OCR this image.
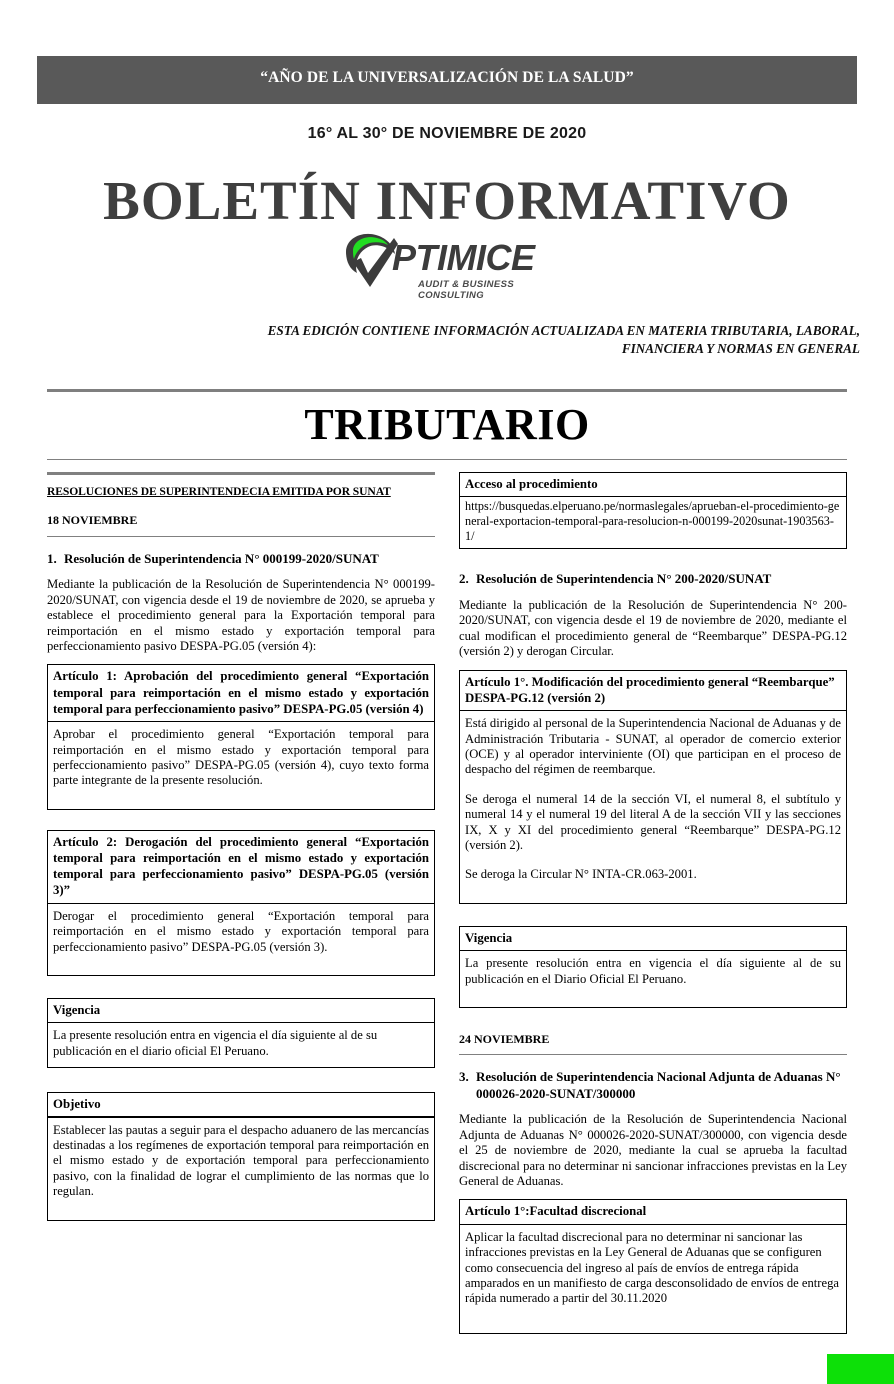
“AÑO DE LA UNIVERSALIZACIÓN DE LA SALUD”
16° AL 30° DE NOVIEMBRE DE 2020
BOLETÍN INFORMATIVO
PTIMICE
AUDIT & BUSINESS CONSULTING
ESTA EDICIÓN CONTIENE INFORMACIÓN ACTUALIZADA EN MATERIA TRIBUTARIA, LABORAL,
FINANCIERA Y NORMAS EN GENERAL
TRIBUTARIO
RESOLUCIONES DE SUPERINTENDECIA EMITIDA POR SUNAT
18 NOVIEMBRE
1. Resolución de Superintendencia N° 000199-2020/SUNAT

Mediante la publicación de la Resolución de Superintendencia N° 000199-2020/SUNAT, con vigencia desde el 19 de noviembre de 2020, se aprueba y establece el procedimiento general para la Exportación temporal para reimportación en el mismo estado y exportación temporal para perfeccionamiento pasivo DESPA-PG.05 (versión 4):

Artículo 1: Aprobación del procedimiento general “Exportación temporal para reimportación en el mismo estado y exportación temporal para perfeccionamiento pasivo” DESPA-PG.05 (versión 4)

Aprobar el procedimiento general “Exportación temporal para reimportación en el mismo estado y exportación temporal para perfeccionamiento pasivo” DESPA-PG.05 (versión 4), cuyo texto forma parte integrante de la presente resolución.

Artículo 2: Derogación del procedimiento general “Exportación temporal para reimportación en el mismo estado y exportación temporal para perfeccionamiento pasivo” DESPA-PG.05 (versión 3)”

Derogar el procedimiento general “Exportación temporal para reimportación en el mismo estado y exportación temporal para perfeccionamiento pasivo” DESPA-PG.05 (versión 3).

Vigencia

La presente resolución entra en vigencia el día siguiente al de su publicación en el diario oficial El Peruano.

Objetivo

Establecer las pautas a seguir para el despacho aduanero de las mercancías destinadas a los regímenes de exportación temporal para reimportación en el mismo estado y de exportación temporal para perfeccionamiento pasivo, con la finalidad de lograr el cumplimiento de las normas que lo regulan.

Acceso al procedimiento
https://busquedas.elperuano.pe/normaslegales/aprueban-el-procedimiento-general-exportacion-temporal-para-resolucion-n-000199-2020sunat-1903563-1/
2. Resolución de Superintendencia N° 200-2020/SUNAT

Mediante la publicación de la Resolución de Superintendencia N° 200-2020/SUNAT, con vigencia desde el 19 de noviembre de 2020, mediante el cual modifican el procedimiento general de “Reembarque” DESPA-PG.12 (versión 2) y derogan Circular.

Artículo 1°. Modificación del procedimiento general “Reembarque” DESPA-PG.12 (versión 2)

Está dirigido al personal de la Superintendencia Nacional de Aduanas y de Administración Tributaria - SUNAT, al operador de comercio exterior (OCE) y al operador interviniente (OI) que participan en el proceso de despacho del régimen de reembarque.

Se deroga el numeral 14 de la sección VI, el numeral 8, el subtítulo y numeral 14 y el numeral 19 del literal A de la sección VII y las secciones IX, X y XI del procedimiento general “Reembarque” DESPA-PG.12 (versión 2).

Se deroga la Circular N° INTA-CR.063-2001.

Vigencia

La presente resolución entra en vigencia el día siguiente al de su publicación en el Diario Oficial El Peruano.

24 NOVIEMBRE
3. Resolución de Superintendencia Nacional Adjunta de Aduanas N° 000026-2020-SUNAT/300000

Mediante la publicación de la Resolución de Superintendencia Nacional Adjunta de Aduanas N° 000026-2020-SUNAT/300000, con vigencia desde el 25 de noviembre de 2020, mediante la cual se aprueba la facultad discrecional para no determinar ni sancionar infracciones previstas en la Ley General de Aduanas.

Artículo 1°:Facultad discrecional

Aplicar la facultad discrecional para no determinar ni sancionar las infracciones previstas en la Ley General de Aduanas que se configuren como consecuencia del ingreso al país de envíos de entrega rápida amparados en un manifiesto de carga desconsolidado de envíos de entrega rápida numerado a partir del 30.11.2020
